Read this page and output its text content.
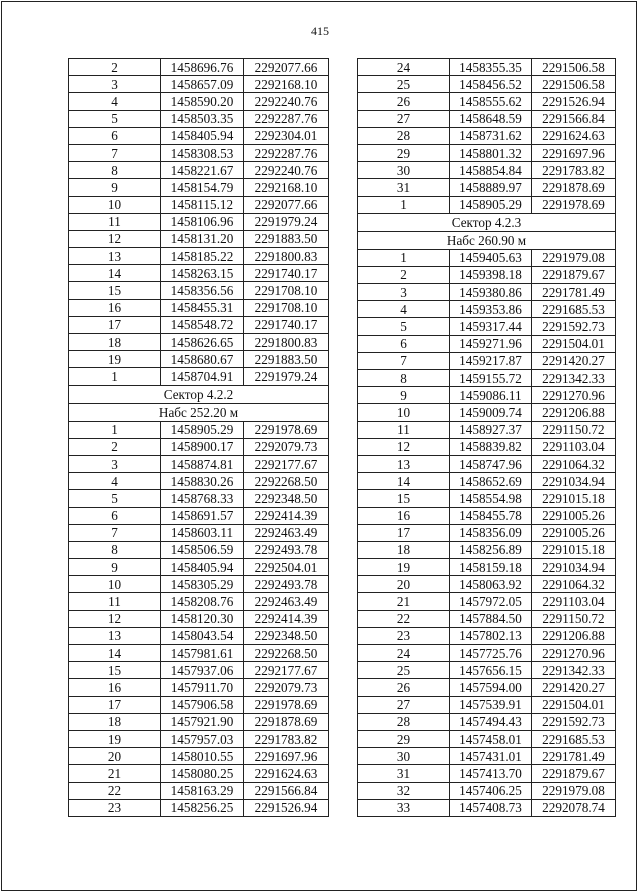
415
2	1458696.76	2292077.66
3	1458657.09	2292168.10
4	1458590.20	2292240.76
5	1458503.35	2292287.76
6	1458405.94	2292304.01
7	1458308.53	2292287.76
8	1458221.67	2292240.76
9	1458154.79	2292168.10
10	1458115.12	2292077.66
11	1458106.96	2291979.24
12	1458131.20	2291883.50
13	1458185.22	2291800.83
14	1458263.15	2291740.17
15	1458356.56	2291708.10
16	1458455.31	2291708.10
17	1458548.72	2291740.17
18	1458626.65	2291800.83
19	1458680.67	2291883.50
1	1458704.91	2291979.24
Сектор 4.2.2		
Набс 252.20 м		
1	1458905.29	2291978.69
2	1458900.17	2292079.73
3	1458874.81	2292177.67
4	1458830.26	2292268.50
5	1458768.33	2292348.50
6	1458691.57	2292414.39
7	1458603.11	2292463.49
8	1458506.59	2292493.78
9	1458405.94	2292504.01
10	1458305.29	2292493.78
11	1458208.76	2292463.49
12	1458120.30	2292414.39
13	1458043.54	2292348.50
14	1457981.61	2292268.50
15	1457937.06	2292177.67
16	1457911.70	2292079.73
17	1457906.58	2291978.69
18	1457921.90	2291878.69
19	1457957.03	2291783.82
20	1458010.55	2291697.96
21	1458080.25	2291624.63
22	1458163.29	2291566.84
23	1458256.25	2291526.94
24	1458355.35	2291506.58
25	1458456.52	2291506.58
26	1458555.62	2291526.94
27	1458648.59	2291566.84
28	1458731.62	2291624.63
29	1458801.32	2291697.96
30	1458854.84	2291783.82
31	1458889.97	2291878.69
1	1458905.29	2291978.69
Сектор 4.2.3		
Набс 260.90 м		
1	1459405.63	2291979.08
2	1459398.18	2291879.67
3	1459380.86	2291781.49
4	1459353.86	2291685.53
5	1459317.44	2291592.73
6	1459271.96	2291504.01
7	1459217.87	2291420.27
8	1459155.72	2291342.33
9	1459086.11	2291270.96
10	1459009.74	2291206.88
11	1458927.37	2291150.72
12	1458839.82	2291103.04
13	1458747.96	2291064.32
14	1458652.69	2291034.94
15	1458554.98	2291015.18
16	1458455.78	2291005.26
17	1458356.09	2291005.26
18	1458256.89	2291015.18
19	1458159.18	2291034.94
20	1458063.92	2291064.32
21	1457972.05	2291103.04
22	1457884.50	2291150.72
23	1457802.13	2291206.88
24	1457725.76	2291270.96
25	1457656.15	2291342.33
26	1457594.00	2291420.27
27	1457539.91	2291504.01
28	1457494.43	2291592.73
29	1457458.01	2291685.53
30	1457431.01	2291781.49
31	1457413.70	2291879.67
32	1457406.25	2291979.08
33	1457408.73	2292078.74
